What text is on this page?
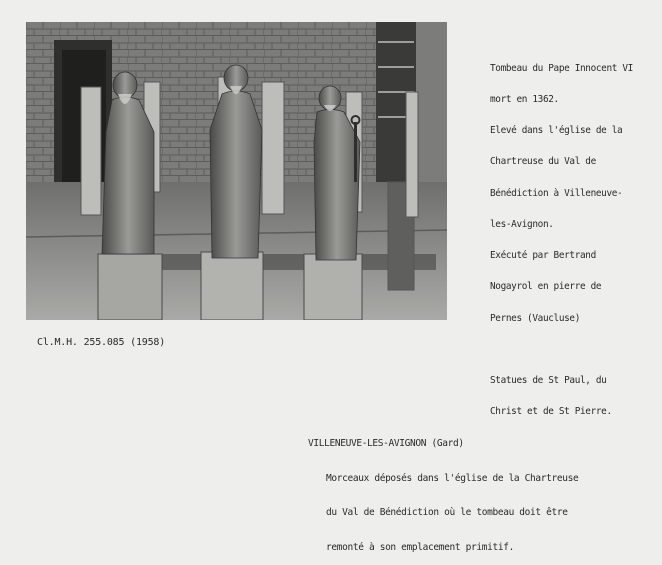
Tombeau du Pape Innocent VI

mort en 1362.

Elevé dans l'église de la

Chartreuse du Val de

Bénédiction à Villeneuve-

les-Avignon.

Exécuté par Bertrand

Nogayrol en pierre de

Pernes (Vaucluse)

Statues de St Paul, du

Christ et de St Pierre.

Cl.M.H. 255.085 (1958)

VILLENEUVE-LES-AVIGNON (Gard)

Morceaux déposés dans l'église de la Chartreuse

du Val de Bénédiction où le tombeau doit être

remonté à son emplacement primitif.
